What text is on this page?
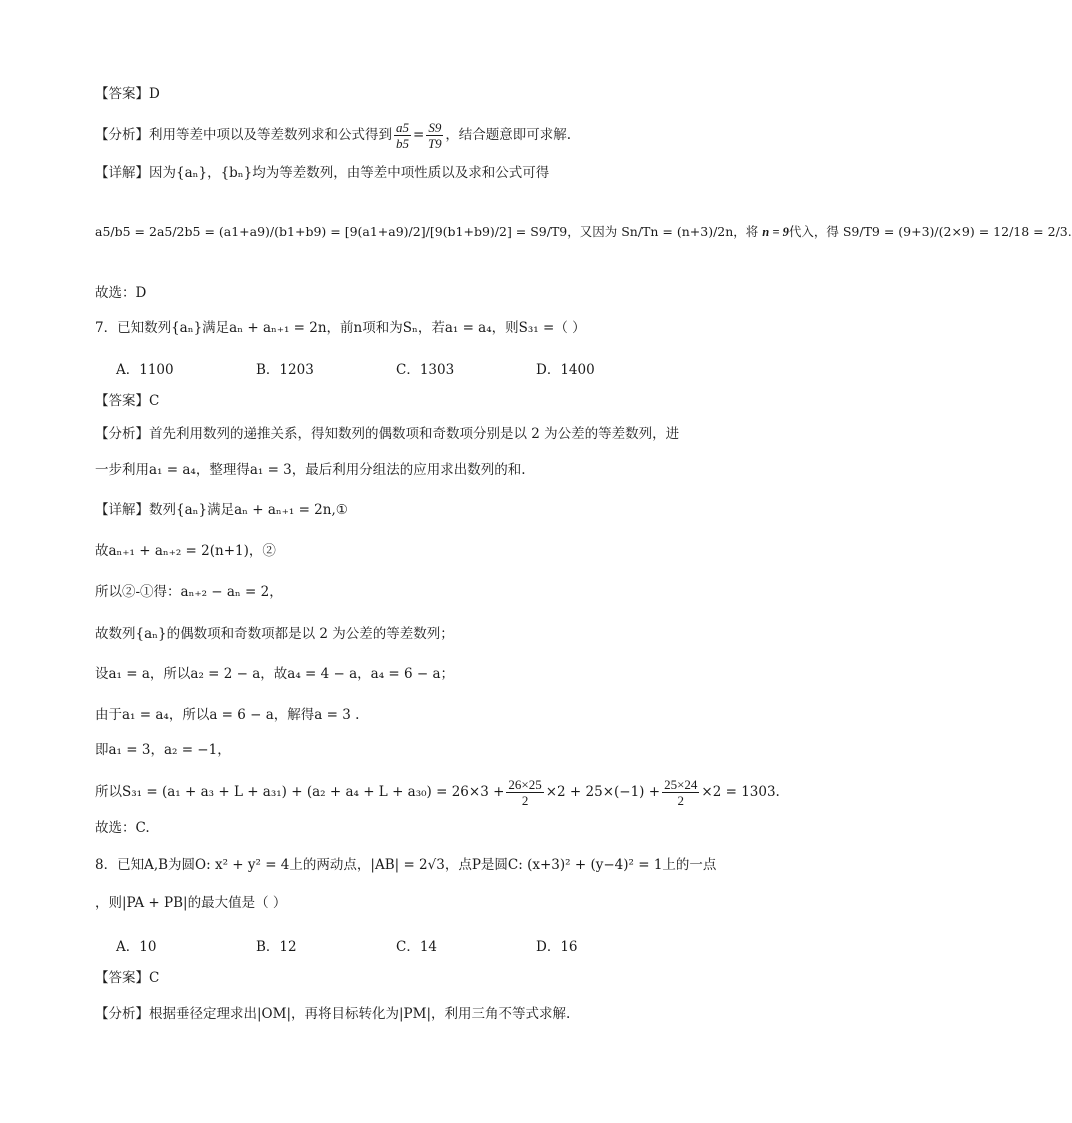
【答案】D
【分析】利用等差中项以及等差数列求和公式得到 $\frac{a5}{b5} = \frac{S9}{T9}$ ，结合题意即可求解.
【详解】因为{aₙ}，{bₙ}均为等差数列，由等差中项性质以及求和公式可得
a5/b5 = 2a5/2b5 = (a1+a9)/(b1+b9) = [9(a1+a9)/2]/[9(b1+b9)/2] = S9/T9，又因为 Sn/Tn = (n+3)/2n，将 n = 9代入，得 S9/T9 = (9+3)/(2×9) = 12/18 = 2/3.
故选：D
7．已知数列{aₙ}满足aₙ + aₙ₊₁ = 2n，前n项和为Sₙ，若a₁ = a₄，则S₃₁ =（ ）
A．1100	B．1203	C．1303	D．1400
【答案】C
【分析】首先利用数列的递推关系，得知数列的偶数项和奇数项分别是以 2 为公差的等差数列，进
一步利用a₁ = a₄，整理得a₁ = 3，最后利用分组法的应用求出数列的和.
【详解】数列{aₙ}满足aₙ + aₙ₊₁ = 2n,①
故aₙ₊₁ + aₙ₊₂ = 2(n+1)，②
所以②-①得：aₙ₊₂ − aₙ = 2，
故数列{aₙ}的偶数项和奇数项都是以 2 为公差的等差数列；
设a₁ = a，所以a₂ = 2 − a，故a₄ = 4 − a，a₄ = 6 − a；
由于a₁ = a₄，所以a = 6 − a，解得a = 3 .
即a₁ = 3，a₂ = −1，
所以$S_{31} = (a_1 + a_3 + L + a_{31}) + (a_2 + a_4 + L + a_{30}) = 26\times 3 + \frac{26\times 25}{2} \times 2 + 25\times(-1) + \frac{25\times 24}{2} \times 2 = 1303$.
故选：C.
8．已知A,B为圆O: x² + y² = 4上的两动点，|AB| = 2√3，点P是圆C: (x+3)² + (y−4)² = 1上的一点
，则|PA + PB|的最大值是（ ）
A．10	B．12	C．14	D．16
【答案】C
【分析】根据垂径定理求出|OM|，再将目标转化为|PM|，利用三角不等式求解.
